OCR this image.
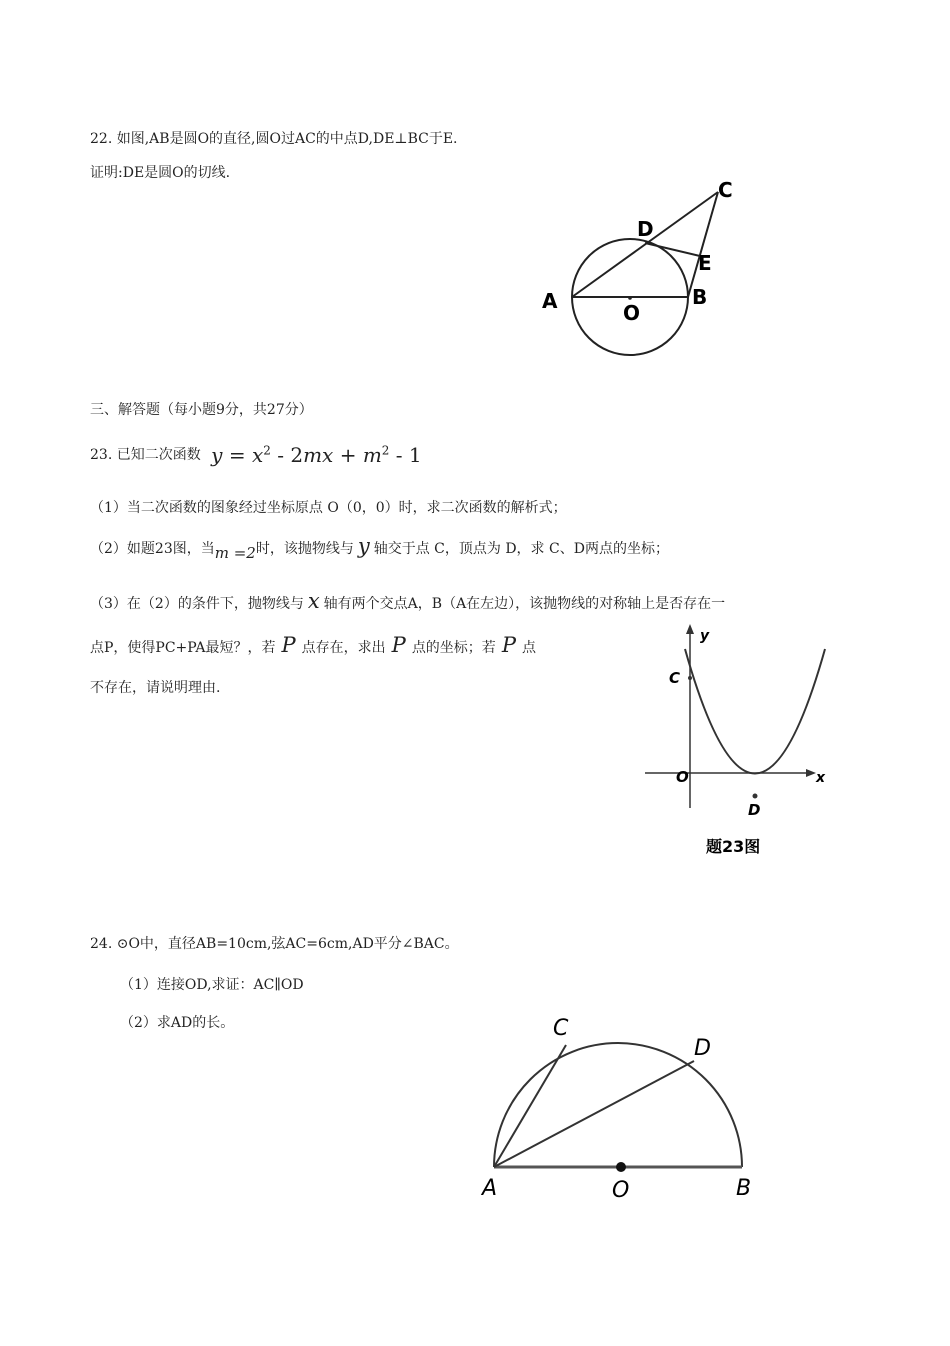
22. 如图,AB是圆O的直径,圆O过AC的中点D,DE⊥BC于E.
证明:DE是圆O的切线.
C
D
E
A	B
O
三、解答题（每小题9分，共27分）
23. 已知二次函数 $y = x^2 - 2mx + m^2 - 1$
（1）当二次函数的图象经过坐标原点 O（0，0）时，求二次函数的解析式；
（2）如题23图，当m =2时，该抛物线与 y 轴交于点 C，顶点为 D，求 C、D两点的坐标；
（3）在（2）的条件下，抛物线与 x 轴有两个交点A，B（A在左边），该抛物线的对称轴上是否存在一
点P，使得PC+PA最短？，若 P 点存在，求出 P 点的坐标；若 P 点
不存在，请说明理由.
y
x
C
O
D
题23图
24. ⊙O中，直径AB=10cm,弦AC=6cm,AD平分∠BAC。
（1）连接OD,求证：AC∥OD
（2）求AD的长。	C
D
A	O	B
